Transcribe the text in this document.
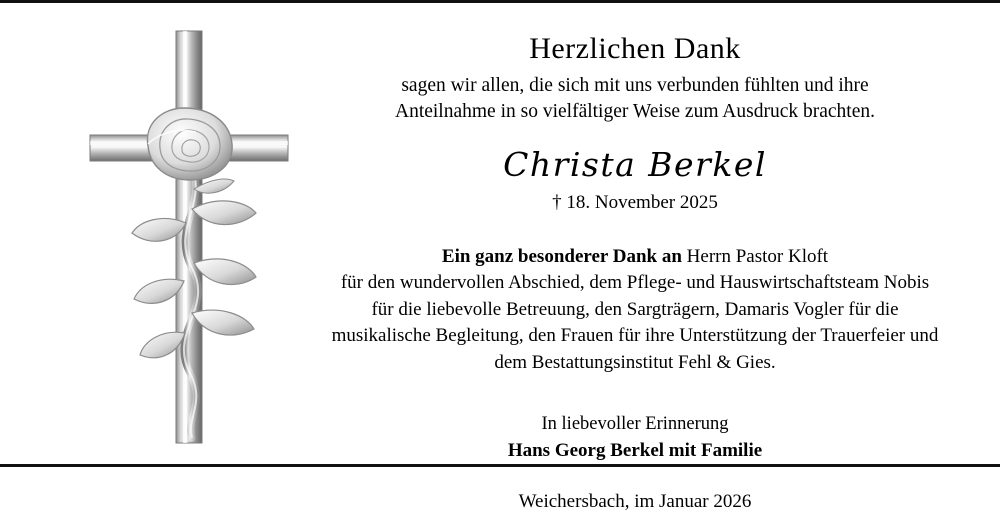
Herzlichen Dank
sagen wir allen, die sich mit uns verbunden fühlten und ihre
Anteilnahme in so vielfältiger Weise zum Ausdruck brachten.
Christa Berkel
† 18. November 2025
Ein ganz besonderer Dank an Herrn Pastor Kloft
für den wundervollen Abschied, dem Pflege- und Hauswirtschaftsteam Nobis
für die liebevolle Betreuung, den Sargträgern, Damaris Vogler für die
musikalische Begleitung, den Frauen für ihre Unterstützung der Trauerfeier und
dem Bestattungsinstitut Fehl & Gies.
In liebevoller Erinnerung
Hans Georg Berkel mit Familie
Weichersbach, im Januar 2026
